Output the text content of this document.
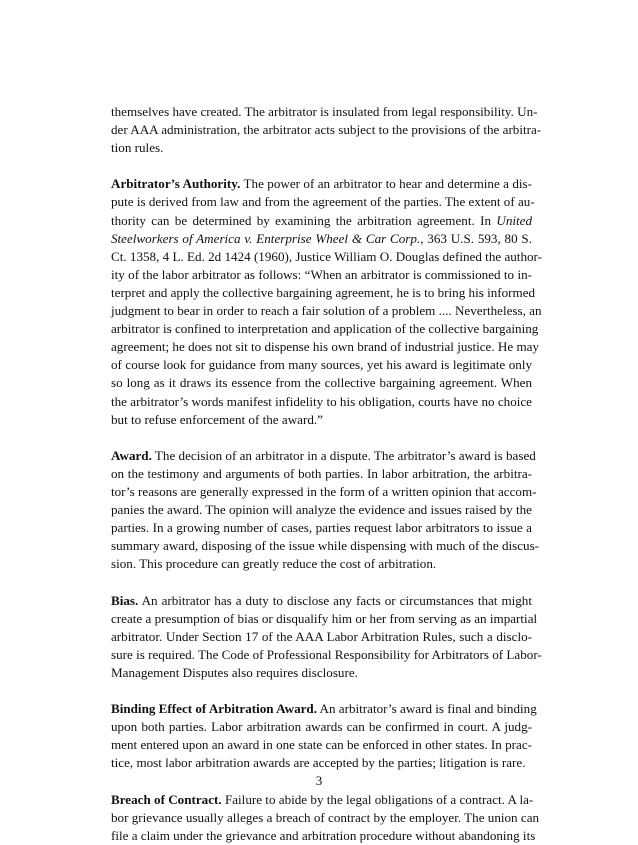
themselves have created. The arbitrator is insulated from legal responsibility. Un-
der AAA administration, the arbitrator acts subject to the provisions of the arbitra-
tion rules.
Arbitrator’s Authority. The power of an arbitrator to hear and determine a dis-
pute is derived from law and from the agreement of the parties. The extent of au-
thority can be determined by examining the arbitration agreement. In United
Steelworkers of America v. Enterprise Wheel & Car Corp., 363 U.S. 593, 80 S.
Ct. 1358, 4 L. Ed. 2d 1424 (1960), Justice William O. Douglas defined the author-
ity of the labor arbitrator as follows: “When an arbitrator is commissioned to in-
terpret and apply the collective bargaining agreement, he is to bring his informed
judgment to bear in order to reach a fair solution of a problem .... Nevertheless, an
arbitrator is confined to interpretation and application of the collective bargaining
agreement; he does not sit to dispense his own brand of industrial justice. He may
of course look for guidance from many sources, yet his award is legitimate only
so long as it draws its essence from the collective bargaining agreement. When
the arbitrator’s words manifest infidelity to his obligation, courts have no choice
but to refuse enforcement of the award.”
Award. The decision of an arbitrator in a dispute. The arbitrator’s award is based
on the testimony and arguments of both parties. In labor arbitration, the arbitra-
tor’s reasons are generally expressed in the form of a written opinion that accom-
panies the award. The opinion will analyze the evidence and issues raised by the
parties. In a growing number of cases, parties request labor arbitrators to issue a
summary award, disposing of the issue while dispensing with much of the discus-
sion. This procedure can greatly reduce the cost of arbitration.
Bias. An arbitrator has a duty to disclose any facts or circumstances that might
create a presumption of bias or disqualify him or her from serving as an impartial
arbitrator. Under Section 17 of the AAA Labor Arbitration Rules, such a disclo-
sure is required. The Code of Professional Responsibility for Arbitrators of Labor-
Management Disputes also requires disclosure.
Binding Effect of Arbitration Award. An arbitrator’s award is final and binding
upon both parties. Labor arbitration awards can be confirmed in court. A judg-
ment entered upon an award in one state can be enforced in other states. In prac-
tice, most labor arbitration awards are accepted by the parties; litigation is rare.
Breach of Contract. Failure to abide by the legal obligations of a contract. A la-
bor grievance usually alleges a breach of contract by the employer. The union can
file a claim under the grievance and arbitration procedure without abandoning its
3
